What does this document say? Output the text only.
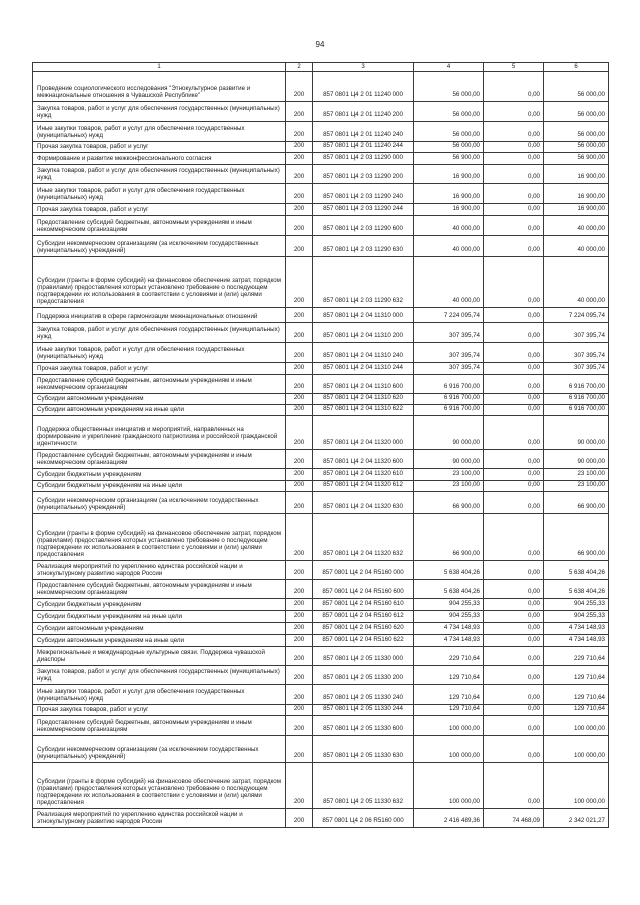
94
1	2	3	4	5	6
Проведение социологического исследования "Этнокультурное развитие и межнациональные отношения в Чувашской Республике"	200	857 0801 Ц4 2 01 11240 000	56 000,00	0,00	56 000,00
Закупка товаров, работ и услуг для обеспечения государственных (муниципальных) нужд	200	857 0801 Ц4 2 01 11240 200	56 000,00	0,00	56 000,00
Иные закупки товаров, работ и услуг для обеспечения государственных (муниципальных) нужд	200	857 0801 Ц4 2 01 11240 240	56 000,00	0,00	56 000,00
Прочая закупка товаров, работ и услуг	200	857 0801 Ц4 2 01 11240 244	56 000,00	0,00	56 000,00
Формирование и развитие межконфессионального согласия	200	857 0801 Ц4 2 03 11290 000	56 900,00	0,00	56 900,00
Закупка товаров, работ и услуг для обеспечения государственных (муниципальных) нужд	200	857 0801 Ц4 2 03 11290 200	16 900,00	0,00	16 900,00
Иные закупки товаров, работ и услуг для обеспечения государственных (муниципальных) нужд	200	857 0801 Ц4 2 03 11290 240	16 900,00	0,00	16 900,00
Прочая закупка товаров, работ и услуг	200	857 0801 Ц4 2 03 11290 244	16 900,00	0,00	16 900,00
Предоставление субсидий бюджетным, автономным учреждениям и иным некоммерческим организациям	200	857 0801 Ц4 2 03 11290 600	40 000,00	0,00	40 000,00
Субсидии некоммерческим организациям (за исключением государственных (муниципальных) учреждений)	200	857 0801 Ц4 2 03 11290 630	40 000,00	0,00	40 000,00
Субсидии (гранты в форме субсидий) на финансовое обеспечение затрат, порядком (правилами) предоставления которых установлено требование о последующем подтверждении их использования в соответствии с условиями и (или) целями предоставления	200	857 0801 Ц4 2 03 11290 632	40 000,00	0,00	40 000,00
Поддержка инициатив в сфере гармонизации межнациональных отношений	200	857 0801 Ц4 2 04 11310 000	7 224 095,74	0,00	7 224 095,74
Закупка товаров, работ и услуг для обеспечения государственных (муниципальных) нужд	200	857 0801 Ц4 2 04 11310 200	307 395,74	0,00	307 395,74
Иные закупки товаров, работ и услуг для обеспечения государственных (муниципальных) нужд	200	857 0801 Ц4 2 04 11310 240	307 395,74	0,00	307 395,74
Прочая закупка товаров, работ и услуг	200	857 0801 Ц4 2 04 11310 244	307 395,74	0,00	307 395,74
Предоставление субсидий бюджетным, автономным учреждениям и иным некоммерческим организациям	200	857 0801 Ц4 2 04 11310 600	6 916 700,00	0,00	6 916 700,00
Субсидии автономным учреждениям	200	857 0801 Ц4 2 04 11310 620	6 916 700,00	0,00	6 916 700,00
Субсидии автономным учреждениям на иные цели	200	857 0801 Ц4 2 04 11310 622	6 916 700,00	0,00	6 916 700,00
Поддержка общественных инициатив и мероприятий, направленных на формирование и укрепление гражданского патриотизма и российской гражданской идентичности	200	857 0801 Ц4 2 04 11320 000	90 000,00	0,00	90 000,00
Предоставление субсидий бюджетным, автономным учреждениям и иным некоммерческим организациям	200	857 0801 Ц4 2 04 11320 600	90 000,00	0,00	90 000,00
Субсидии бюджетным учреждениям	200	857 0801 Ц4 2 04 11320 610	23 100,00	0,00	23 100,00
Субсидии бюджетным учреждениям на иные цели	200	857 0801 Ц4 2 04 11320 612	23 100,00	0,00	23 100,00
Субсидии некоммерческим организациям (за исключением государственных (муниципальных) учреждений)	200	857 0801 Ц4 2 04 11320 630	66 900,00	0,00	66 900,00
Субсидии (гранты в форме субсидий) на финансовое обеспечение затрат, порядком (правилами) предоставления которых установлено требование о последующем подтверждении их использования в соответствии с условиями и (или) целями предоставления	200	857 0801 Ц4 2 04 11320 632	66 900,00	0,00	66 900,00
Реализация мероприятий по укреплению единства российской нации и этнокультурному развитию народов России	200	857 0801 Ц4 2 04 R5160 000	5 638 404,26	0,00	5 638 404,26
Предоставление субсидий бюджетным, автономным учреждениям и иным некоммерческим организациям	200	857 0801 Ц4 2 04 R5160 600	5 638 404,26	0,00	5 638 404,26
Субсидии бюджетным учреждениям	200	857 0801 Ц4 2 04 R5160 610	904 255,33	0,00	904 255,33
Субсидии бюджетным учреждениям на иные цели	200	857 0801 Ц4 2 04 R5160 612	904 255,33	0,00	904 255,33
Субсидии автономным учреждениям	200	857 0801 Ц4 2 04 R5160 620	4 734 148,93	0,00	4 734 148,93
Субсидии автономным учреждениям на иные цели	200	857 0801 Ц4 2 04 R5160 622	4 734 148,93	0,00	4 734 148,93
Межрегиональные и международные культурные связи. Поддержка чувашской диаспоры	200	857 0801 Ц4 2 05 11330 000	229 710,64	0,00	229 710,64
Закупка товаров, работ и услуг для обеспечения государственных (муниципальных) нужд	200	857 0801 Ц4 2 05 11330 200	129 710,64	0,00	129 710,64
Иные закупки товаров, работ и услуг для обеспечения государственных (муниципальных) нужд	200	857 0801 Ц4 2 05 11330 240	129 710,64	0,00	129 710,64
Прочая закупка товаров, работ и услуг	200	857 0801 Ц4 2 05 11330 244	129 710,64	0,00	129 710,64
Предоставление субсидий бюджетным, автономным учреждениям и иным некоммерческим организациям	200	857 0801 Ц4 2 05 11330 600	100 000,00	0,00	100 000,00
Субсидии некоммерческим организациям (за исключением государственных (муниципальных) учреждений)	200	857 0801 Ц4 2 05 11330 630	100 000,00	0,00	100 000,00
Субсидии (гранты в форме субсидий) на финансовое обеспечение затрат, порядком (правилами) предоставления которых установлено требование о последующем подтверждении их использования в соответствии с условиями и (или) целями предоставления	200	857 0801 Ц4 2 05 11330 632	100 000,00	0,00	100 000,00
Реализация мероприятий по укреплению единства российской нации и этнокультурному развитию народов России	200	857 0801 Ц4 2 06 R5160 000	2 416 489,36	74 468,09	2 342 021,27
